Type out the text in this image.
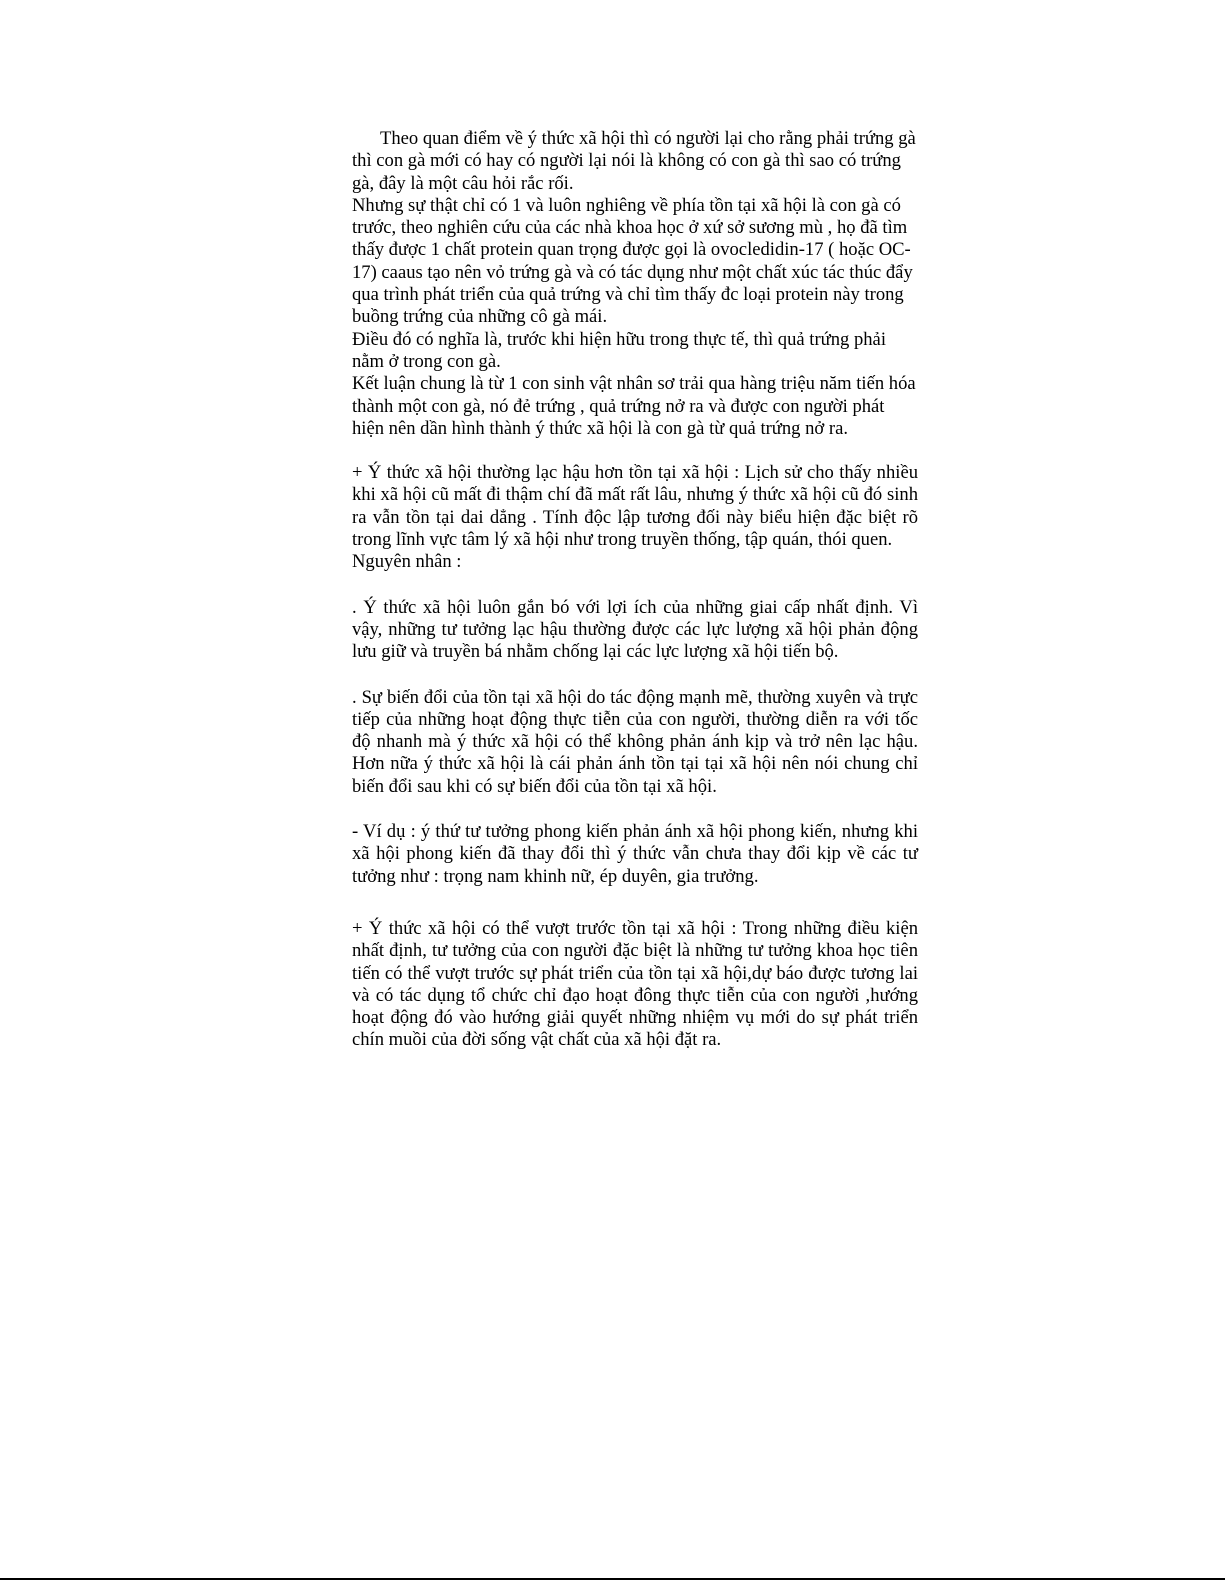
Theo quan điểm về ý thức xã hội thì có người lại cho rằng phải trứng gà thì con gà mới có hay có người lại nói là không có con gà thì sao có trứng gà, đây là một câu hỏi rắc rối.

Nhưng sự thật chỉ có 1 và luôn nghiêng về phía tồn tại xã hội là con gà có trước, theo nghiên cứu của các nhà khoa học ở xứ sở sương mù , họ đã tìm thấy được 1 chất protein quan trọng được gọi là ovocledidin-17 ( hoặc OC-17) caaus tạo nên vỏ trứng gà và có tác dụng như một chất xúc tác thúc đẩy qua trình phát triển của quả trứng và chỉ tìm thấy đc loại protein này trong buồng trứng của những cô gà mái.

Điều đó có nghĩa là, trước khi hiện hữu trong thực tế, thì quả trứng phải nằm ở trong con gà.

Kết luận chung là từ 1 con sinh vật nhân sơ trải qua hàng triệu năm tiến hóa thành một con gà, nó đẻ trứng , quả trứng nở ra và được con người phát hiện nên dần hình thành ý thức xã hội là con gà từ quả trứng nở ra.

+ Ý thức xã hội thường lạc hậu hơn tồn tại xã hội : Lịch sử cho thấy nhiều khi xã hội cũ mất đi thậm chí đã mất rất lâu, nhưng ý thức xã hội cũ đó sinh ra vẫn tồn tại dai dẳng . Tính độc lập tương đối này biểu hiện đặc biệt rõ trong lĩnh vực tâm lý xã hội như trong truyền thống, tập quán, thói quen.

Nguyên nhân :

. Ý thức xã hội luôn gắn bó với lợi ích của những giai cấp nhất định. Vì vậy, những tư tưởng lạc hậu thường được các lực lượng xã hội phản động lưu giữ và truyền bá nhằm chống lại các lực lượng xã hội tiến bộ.

. Sự biến đổi của tồn tại xã hội do tác động mạnh mẽ, thường xuyên và trực tiếp của những hoạt động thực tiễn của con người, thường diễn ra với tốc độ nhanh mà ý thức xã hội có thể không phản ánh kịp và trở nên lạc hậu. Hơn nữa ý thức xã hội là cái phản ánh tồn tại tại xã hội nên nói chung chỉ biến đổi sau khi có sự biến đổi của tồn tại xã hội.

- Ví dụ : ý thứ tư tưởng phong kiến phản ánh xã hội phong kiến, nhưng khi xã hội phong kiến đã thay đổi thì ý thức vẫn chưa thay đổi kịp về các tư tưởng như : trọng nam khinh nữ, ép duyên, gia trưởng.

+ Ý thức xã hội có thể vượt trước tồn tại xã hội : Trong những điều kiện nhất định, tư tưởng của con người đặc biệt là những tư tưởng khoa học tiên tiến có thể vượt trước sự phát triển của tồn tại xã hội,dự báo được tương lai và có tác dụng tổ chức chỉ đạo hoạt đông thực tiễn của con người ,hướng hoạt động đó vào hướng giải quyết những nhiệm vụ mới do sự phát triển chín muồi của đời sống vật chất của xã hội đặt ra.
